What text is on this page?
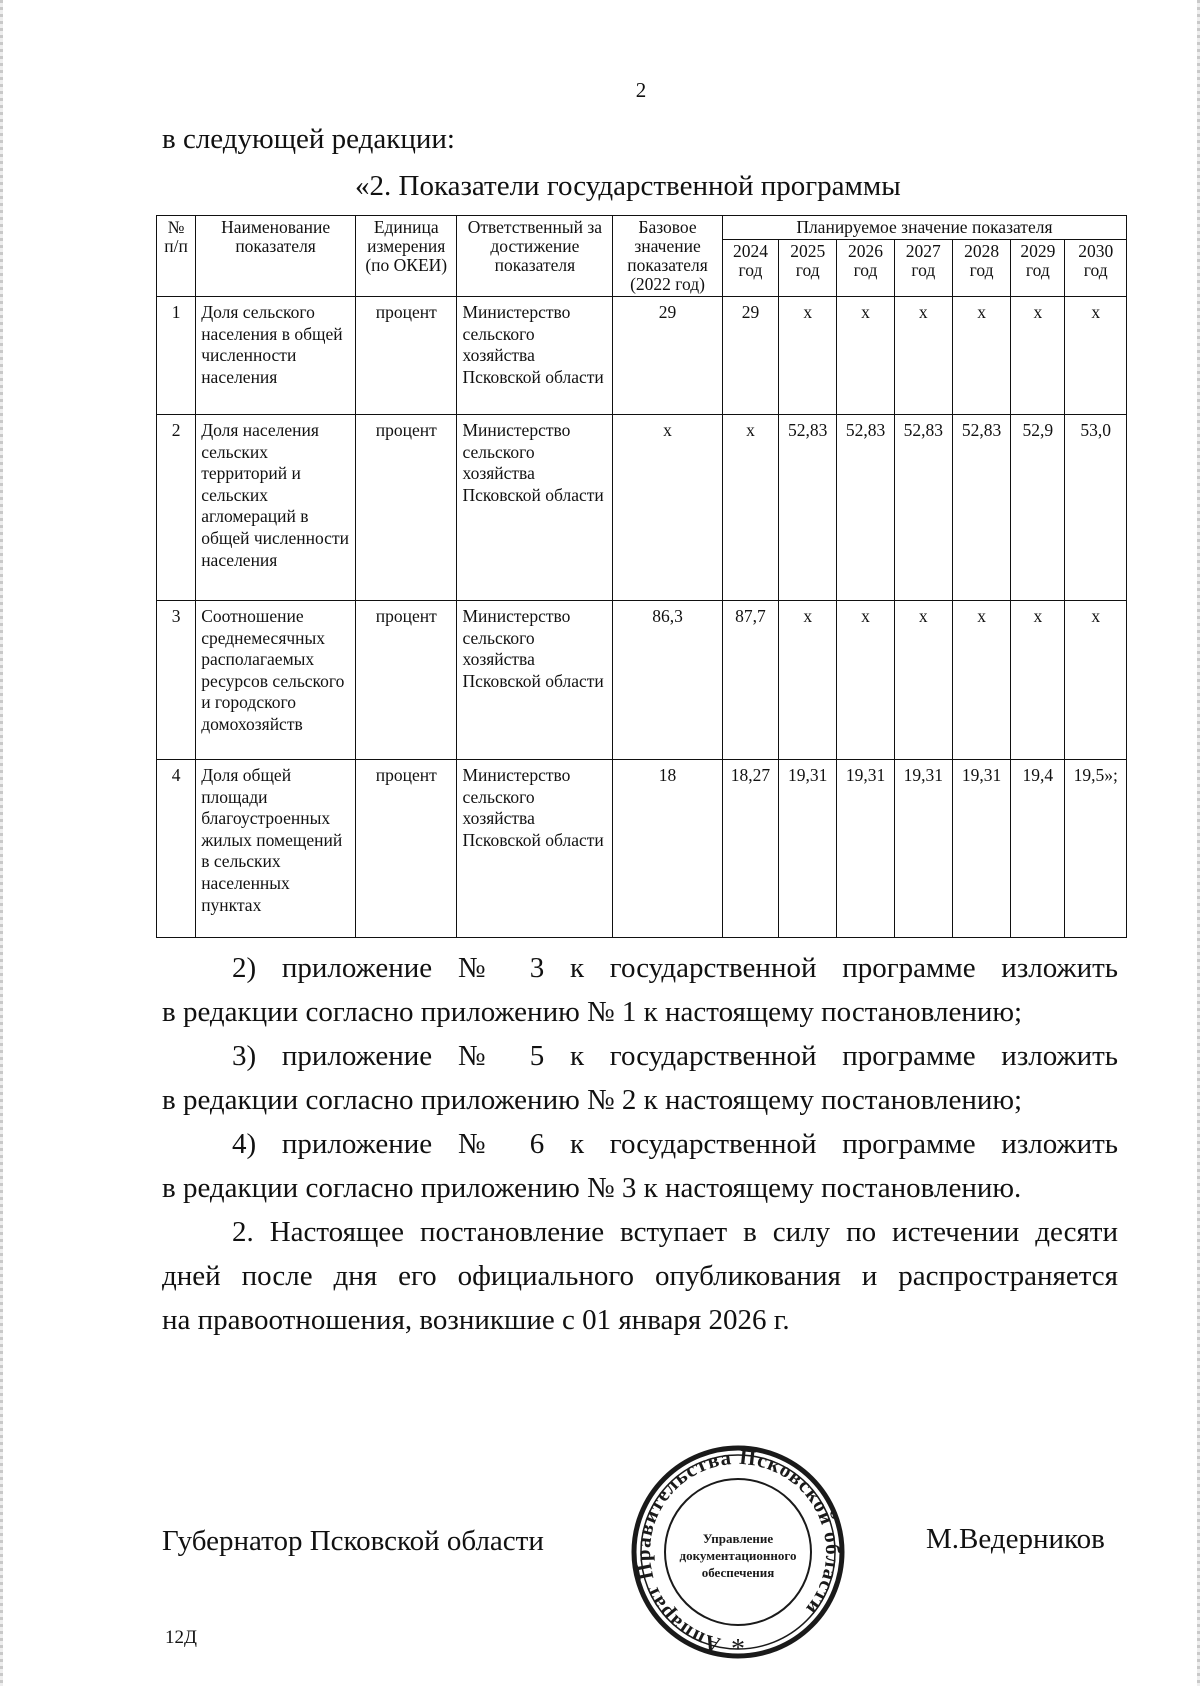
2
в следующей редакции:
«2. Показатели государственной программы
№ п/п	Наименование показателя	Единица измерения (по ОКЕИ)	Ответственный за достижение показателя	Базовое значение показателя (2022 год)	Планируемое значение показателя						
					2024 год	2025 год	2026 год	2027 год	2028 год	2029 год	2030 год
1	Доля сельского населения в общей численности населения	процент	Министерство сельского хозяйства Псковской области	29	29	х	х	х	х	х	х
2	Доля населения сельских территорий и сельских агломераций в общей численности населения	процент	Министерство сельского хозяйства Псковской области	х	х	52,83	52,83	52,83	52,83	52,9	53,0
3	Соотношение среднемесячных располагаемых ресурсов сельского и городского домохозяйств	процент	Министерство сельского хозяйства Псковской области	86,3	87,7	х	х	х	х	х	х
4	Доля общей площади благоустроенных жилых помещений в сельских населенных пунктах	процент	Министерство сельского хозяйства Псковской области	18	18,27	19,31	19,31	19,31	19,31	19,4	19,5»;
2) приложение № 3 к государственной программе изложить
в редакции согласно приложению № 1 к настоящему постановлению;
3) приложение № 5 к государственной программе изложить
в редакции согласно приложению № 2 к настоящему постановлению;
4) приложение № 6 к государственной программе изложить
в редакции согласно приложению № 3 к настоящему постановлению.
2. Настоящее постановление вступает в силу по истечении десяти
дней после дня его официального опубликования и распространяется
на правоотношения, возникшие с 01 января 2026 г.
Губернатор Псковской области	М.Ведерников
Аппарат Правительства Псковской области
Управление
документационного
обеспечения
*
12Д
